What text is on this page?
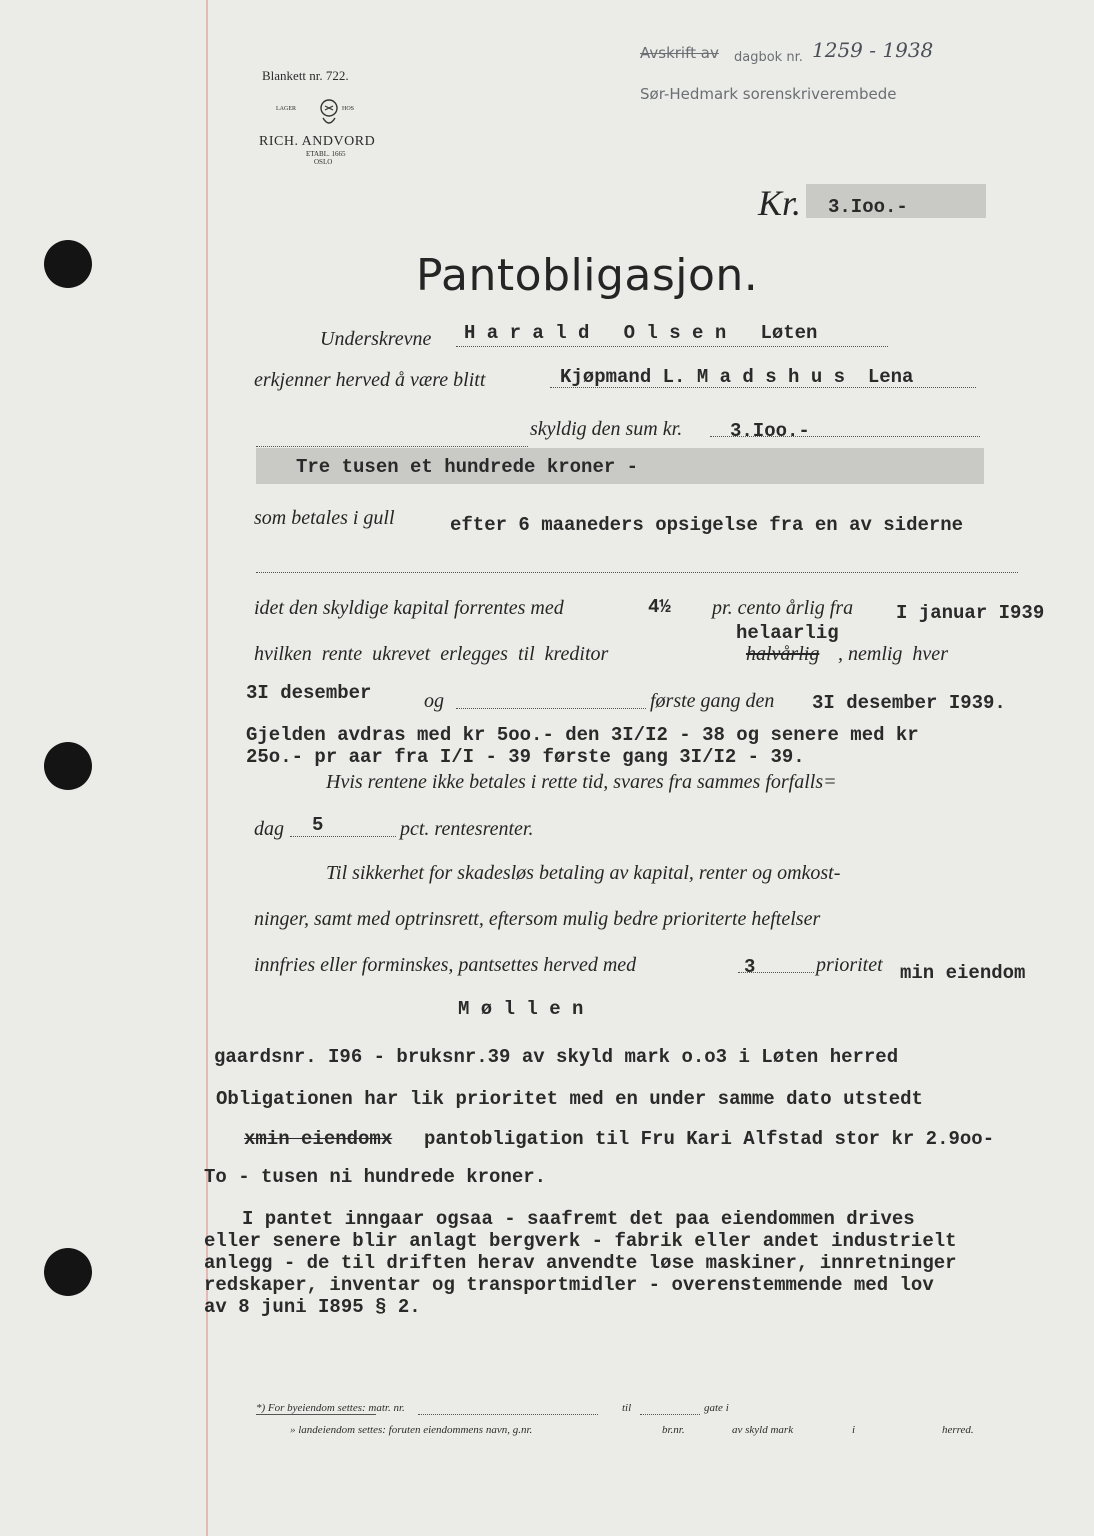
Blankett nr. 722.
LAGER	HOS
RICH. ANDVORD
ETABL. 1665
OSLO
Avskrift av dagbok nr. 1259 - 1938
Sør-Hedmark sorenskriverembede
Kr. 3.Ioo.-
Pantobligasjon.
Underskrevne H a r a l d   O l s e n   Løten
erkjenner herved å være blitt	Kjøpmand L. M a d s h u s  Lena
skyldig den sum kr.	3.Ioo.-
Tre tusen et hundrede kroner -
som betales i gull	efter 6 maaneders opsigelse fra en av siderne
idet den skyldige kapital forrentes med	4½ pr. cento årlig fra I januar I939
helaarlig
hvilken  rente  ukrevet  erlegges  til  kreditor	halvårlig , nemlig  hver
3I desember	og	første gang den 3I desember I939.
Gjelden avdras med kr 5oo.- den 3I/I2 - 38 og senere med kr
25o.- pr aar fra I/I - 39 første gang 3I/I2 - 39.
Hvis rentene ikke betales i rette tid, svares fra sammes forfalls=
dag 5	pct. rentesrenter.
Til sikkerhet for skadesløs betaling av kapital, renter og omkost-
ninger, samt med optrinsrett, eftersom mulig bedre prioriterte heftelser
innfries eller forminskes, pantsettes herved med	3	prioritet min eiendom
M ø l l e n
gaardsnr. I96 - bruksnr.39 av skyld mark o.o3 i Løten herred
Obligationen har lik prioritet med en under samme dato utstedt
xmin eiendomx pantobligation til Fru Kari Alfstad stor kr 2.9oo-
To - tusen ni hundrede kroner.
I pantet inngaar ogsaa - saafremt det paa eiendommen drives
eller senere blir anlagt bergverk - fabrik eller andet industrielt
anlegg - de til driften herav anvendte løse maskiner, innretninger
redskaper, inventar og transportmidler - overenstemmende med lov
av 8 juni I895 § 2.
*) For byeiendom settes: matr. nr.	til	gate i
» landeiendom settes: foruten eiendommens navn, g.nr.	br.nr.	av skyld mark	i	herred.
